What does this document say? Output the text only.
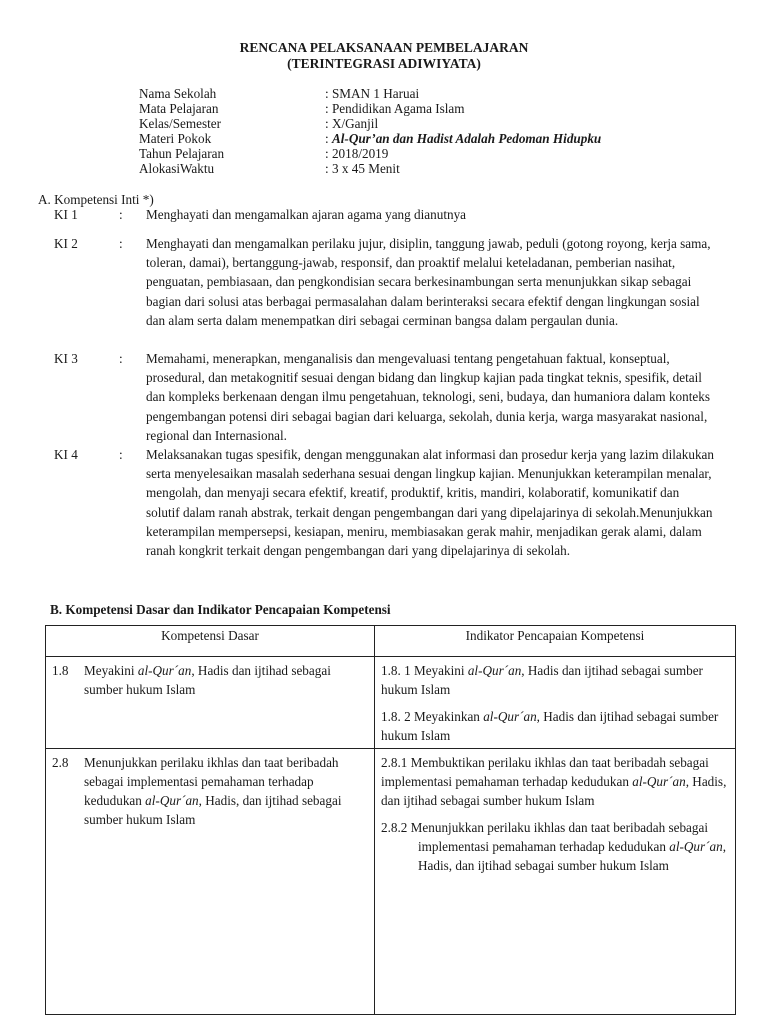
RENCANA PELAKSANAAN PEMBELAJARAN
(TERINTEGRASI ADIWIYATA)
Nama Sekolah	: SMAN 1 Haruai
Mata Pelajaran	: Pendidikan Agama Islam
Kelas/Semester	: X/Ganjil
Materi Pokok	: Al-Qur’an dan Hadist Adalah Pedoman Hidupku
Tahun Pelajaran	: 2018/2019
AlokasiWaktu	: 3 x 45 Menit
A. Kompetensi Inti *)
KI 1	: Menghayati dan mengamalkan ajaran agama yang dianutnya
KI 2	: Menghayati dan mengamalkan perilaku jujur, disiplin, tanggung jawab, peduli (gotong royong, kerja sama, toleran, damai), bertanggung-jawab, responsif, dan proaktif melalui keteladanan, pemberian nasihat, penguatan, pembiasaan, dan pengkondisian secara berkesinambungan serta menunjukkan sikap sebagai bagian dari solusi atas berbagai permasalahan dalam berinteraksi secara efektif dengan lingkungan sosial dan alam serta dalam menempatkan diri sebagai cerminan bangsa dalam pergaulan dunia.
KI 3	: Memahami, menerapkan, menganalisis dan mengevaluasi tentang pengetahuan faktual, konseptual, prosedural, dan metakognitif sesuai dengan bidang dan lingkup kajian pada tingkat teknis, spesifik, detail dan kompleks berkenaan dengan ilmu pengetahuan, teknologi, seni, budaya, dan humaniora dalam konteks pengembangan potensi diri sebagai bagian dari keluarga, sekolah, dunia kerja, warga masyarakat nasional, regional dan Internasional.
KI 4	: Melaksanakan tugas spesifik, dengan menggunakan alat informasi dan prosedur kerja yang lazim dilakukan serta menyelesaikan masalah sederhana sesuai dengan lingkup kajian. Menunjukkan keterampilan menalar, mengolah, dan menyaji secara efektif, kreatif, produktif, kritis, mandiri, kolaboratif, komunikatif dan solutif dalam ranah abstrak, terkait dengan pengembangan dari yang dipelajarinya di sekolah.Menunjukkan keterampilan mempersepsi, kesiapan, meniru, membiasakan gerak mahir, menjadikan gerak alami, dalam ranah kongkrit terkait dengan pengembangan dari yang dipelajarinya di sekolah.
B. Kompetensi Dasar dan Indikator Pencapaian Kompetensi
Kompetensi Dasar	Indikator Pencapaian Kompetensi

1.8 Meyakini al-Qur´an, Hadis dan ijtihad sebagai sumber hukum Islam	1.8. 1 Meyakini al-Qur´an, Hadis dan ijtihad sebagai sumber hukum Islam
1.8. 2 Meyakinkan al-Qur´an, Hadis dan ijtihad sebagai sumber hukum Islam

2.8 Menunjukkan perilaku ikhlas dan taat beribadah sebagai implementasi pemahaman terhadap kedudukan al-Qur´an, Hadis, dan ijtihad sebagai sumber hukum Islam	2.8.1 Membuktikan perilaku ikhlas dan taat beribadah sebagai implementasi pemahaman terhadap kedudukan al-Qur´an, Hadis, dan ijtihad sebagai sumber hukum Islam
2.8.2 Menunjukkan perilaku ikhlas dan taat beribadah sebagai implementasi pemahaman terhadap kedudukan al-Qur´an, Hadis, dan ijtihad sebagai sumber hukum Islam
